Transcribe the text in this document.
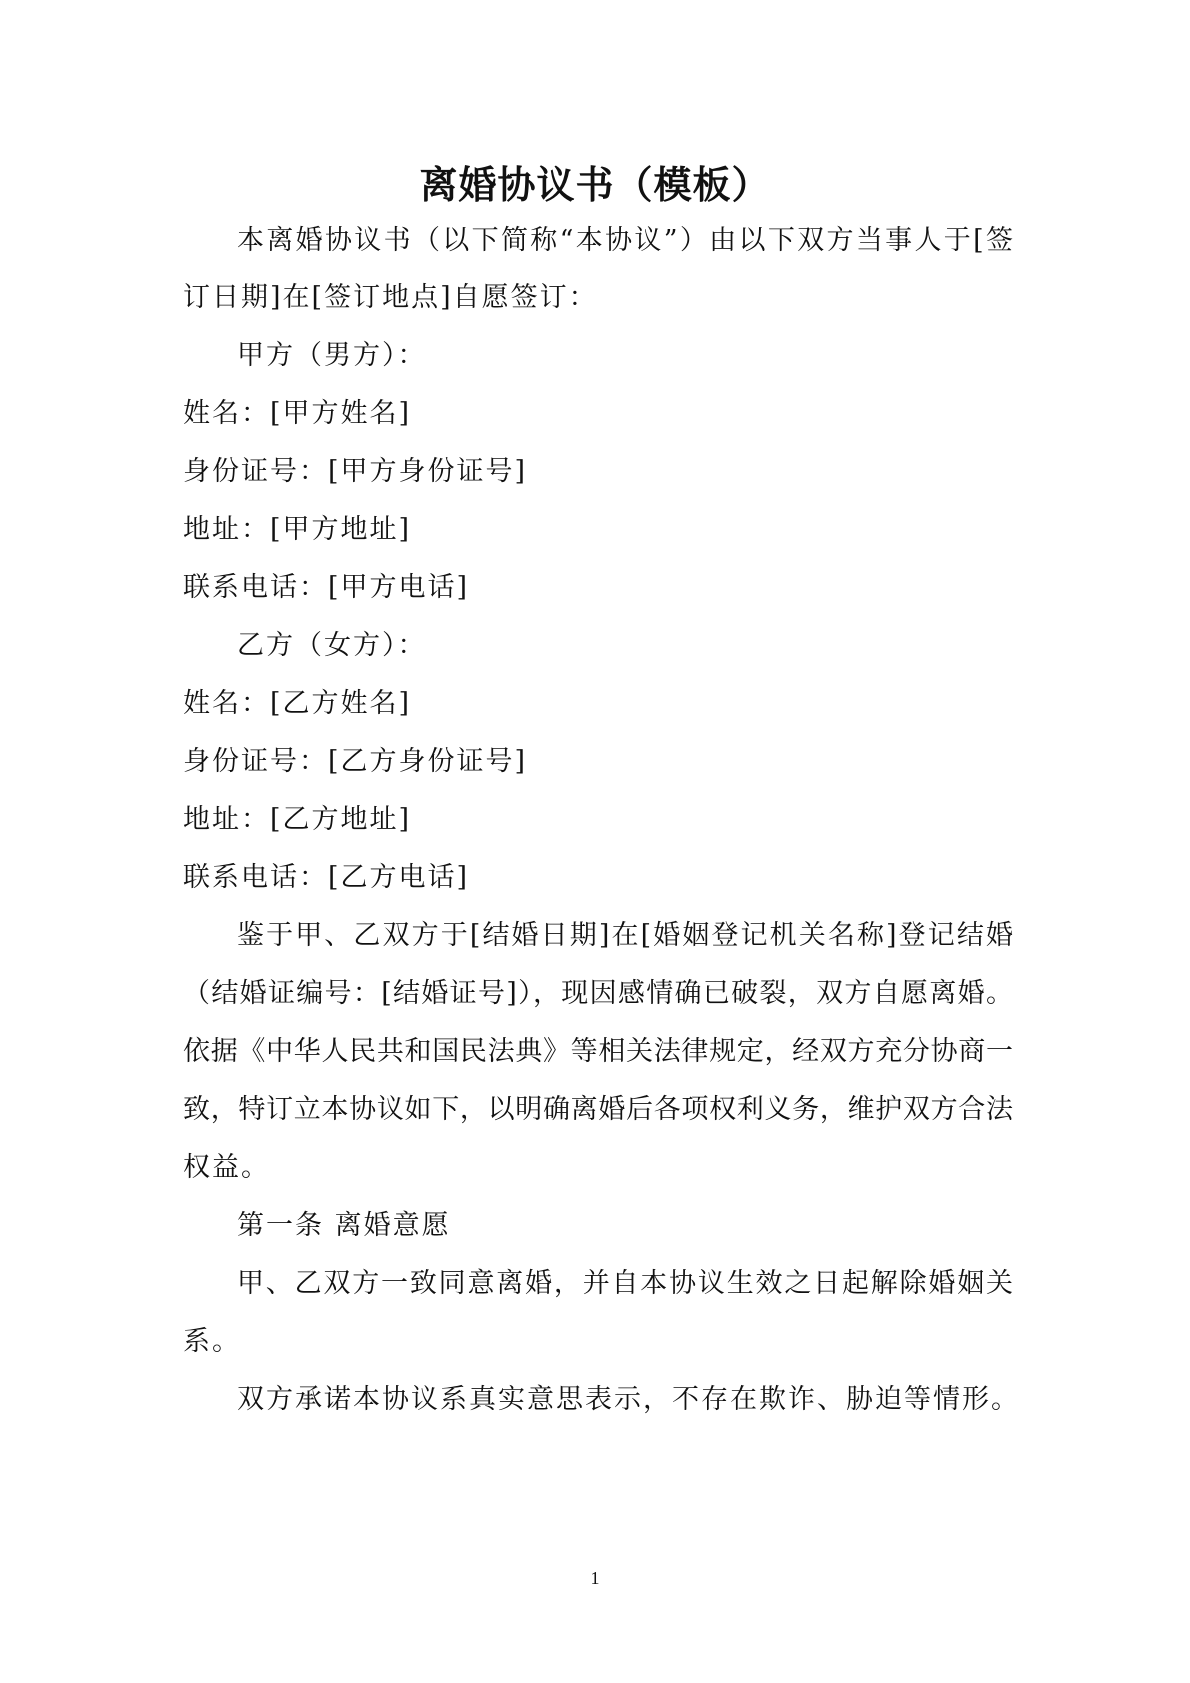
离婚协议书（模板）
本离婚协议书（以下简称“本协议”）由以下双方当事人于[签
订日期]在[签订地点]自愿签订：
甲方（男方）：
姓名：[甲方姓名]
身份证号：[甲方身份证号]
地址：[甲方地址]
联系电话：[甲方电话]
乙方（女方）：
姓名：[乙方姓名]
身份证号：[乙方身份证号]
地址：[乙方地址]
联系电话：[乙方电话]
鉴于甲、乙双方于[结婚日期]在[婚姻登记机关名称]登记结婚
（结婚证编号：[结婚证号]），现因感情确已破裂，双方自愿离婚。
依据《中华人民共和国民法典》等相关法律规定，经双方充分协商一
致，特订立本协议如下，以明确离婚后各项权利义务，维护双方合法
权益。
第一条 离婚意愿
甲、乙双方一致同意离婚，并自本协议生效之日起解除婚姻关
系。
双方承诺本协议系真实意思表示，不存在欺诈、胁迫等情形。
1
